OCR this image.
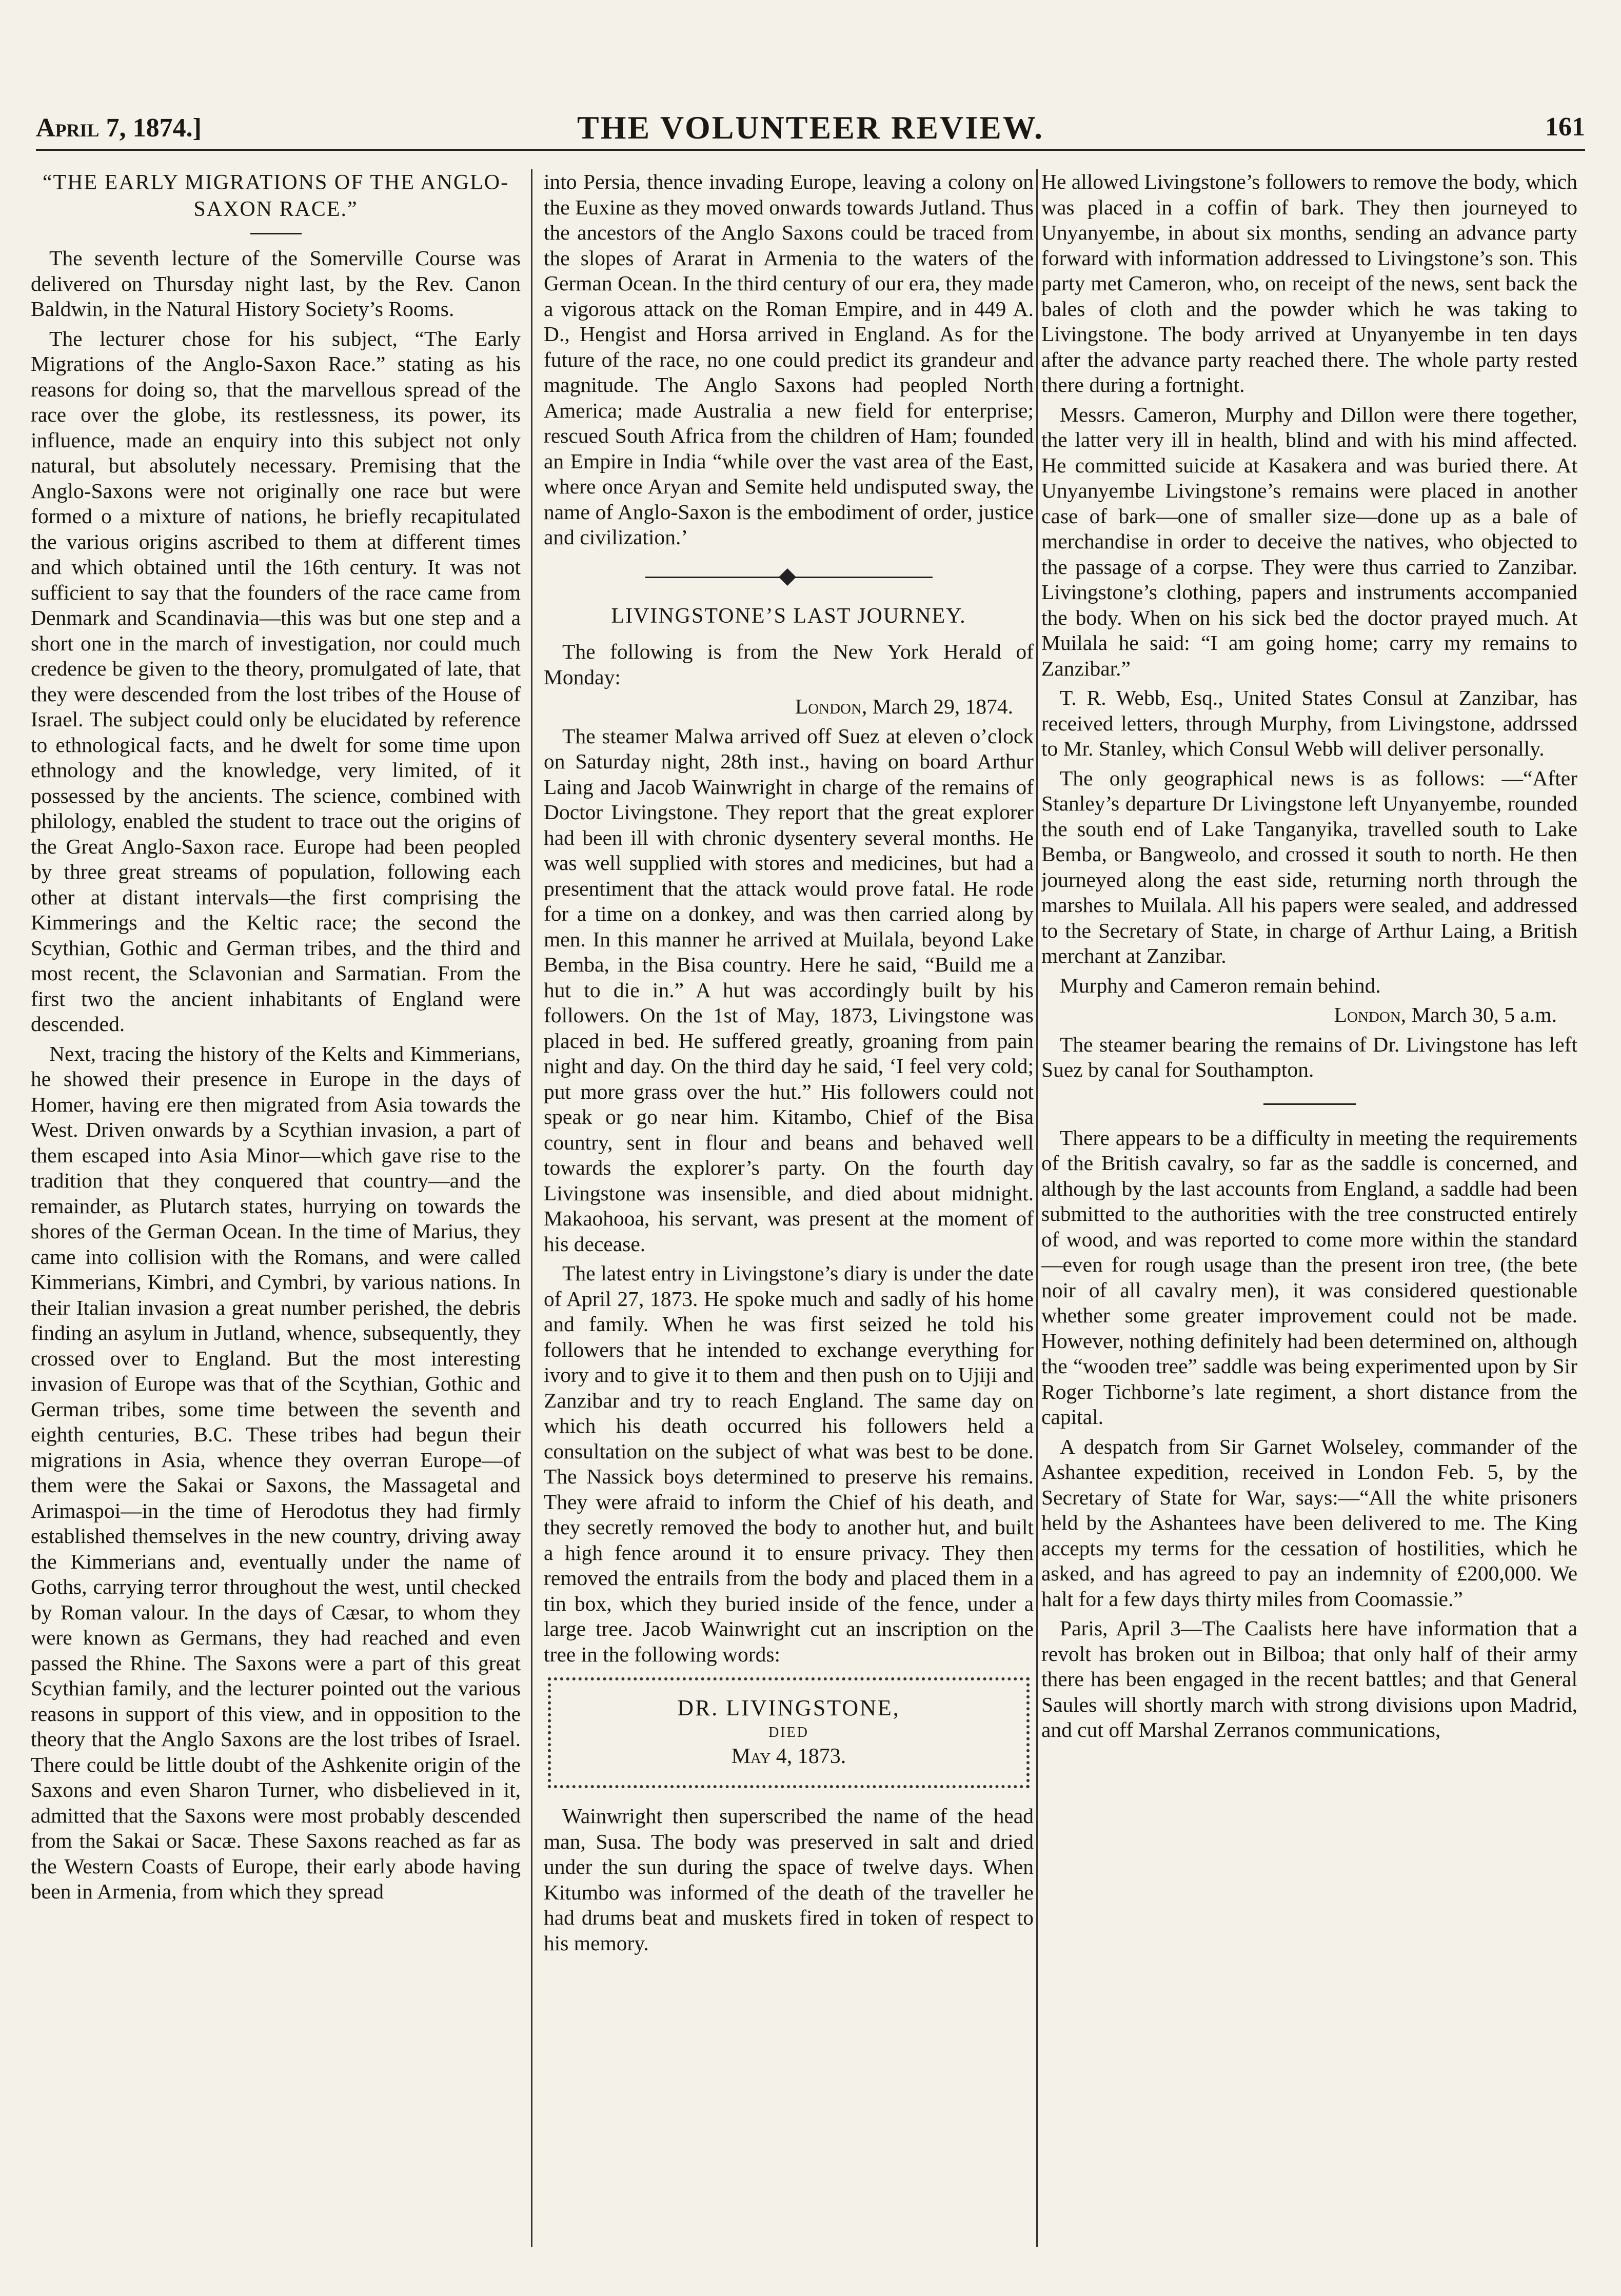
April 7, 1874.]	THE VOLUNTEER REVIEW.	161
“THE EARLY MIGRATIONS OF THE ANGLO-SAXON RACE.”

The seventh lecture of the Somerville Course was delivered on Thursday night last, by the Rev. Canon Baldwin, in the Natural History Society’s Rooms.

The lecturer chose for his subject, “The Early Migrations of the Anglo-Saxon Race.” stating as his reasons for doing so, that the marvellous spread of the race over the globe, its restlessness, its power, its influence, made an enquiry into this subject not only natural, but absolutely necessary. Premising that the Anglo-Saxons were not originally one race but were formed o a mixture of nations, he briefly recapitulated the various origins ascribed to them at different times and which obtained until the 16th century. It was not sufficient to say that the founders of the race came from Denmark and Scandinavia—this was but one step and a short one in the march of investigation, nor could much credence be given to the theory, promulgated of late, that they were descended from the lost tribes of the House of Israel. The subject could only be elucidated by reference to ethnological facts, and he dwelt for some time upon ethnology and the knowledge, very limited, of it possessed by the ancients. The science, combined with philology, enabled the student to trace out the origins of the Great Anglo-Saxon race. Europe had been peopled by three great streams of population, following each other at distant intervals—the first comprising the Kimmerings and the Keltic race; the second the Scythian, Gothic and German tribes, and the third and most recent, the Sclavonian and Sarmatian. From the first two the ancient inhabitants of England were descended.

Next, tracing the history of the Kelts and Kimmerians, he showed their presence in Europe in the days of Homer, having ere then migrated from Asia towards the West. Driven onwards by a Scythian invasion, a part of them escaped into Asia Minor—which gave rise to the tradition that they conquered that country—and the remainder, as Plutarch states, hurrying on towards the shores of the German Ocean. In the time of Marius, they came into collision with the Romans, and were called Kimmerians, Kimbri, and Cymbri, by various nations. In their Italian invasion a great number perished, the debris finding an asylum in Jutland, whence, subsequently, they crossed over to England. But the most interesting invasion of Europe was that of the Scythian, Gothic and German tribes, some time between the seventh and eighth centuries, B.C. These tribes had begun their migrations in Asia, whence they overran Europe—of them were the Sakai or Saxons, the Massagetal and Arimaspoi—in the time of Herodotus they had firmly established themselves in the new country, driving away the Kimmerians and, eventually under the name of Goths, carrying terror throughout the west, until checked by Roman valour. In the days of Cæsar, to whom they were known as Germans, they had reached and even passed the Rhine. The Saxons were a part of this great Scythian family, and the lecturer pointed out the various reasons in support of this view, and in opposition to the theory that the Anglo Saxons are the lost tribes of Israel. There could be little doubt of the Ashkenite origin of the Saxons and even Sharon Turner, who disbelieved in it, admitted that the Saxons were most probably descended from the Sakai or Sacæ. These Saxons reached as far as the Western Coasts of Europe, their early abode having been in Armenia, from which they spread

into Persia, thence invading Europe, leaving a colony on the Euxine as they moved onwards towards Jutland. Thus the ancestors of the Anglo Saxons could be traced from the slopes of Ararat in Armenia to the waters of the German Ocean. In the third century of our era, they made a vigorous attack on the Roman Empire, and in 449 A. D., Hengist and Horsa arrived in England. As for the future of the race, no one could predict its grandeur and magnitude. The Anglo Saxons had peopled North America; made Australia a new field for enterprise; rescued South Africa from the children of Ham; founded an Empire in India “while over the vast area of the East, where once Aryan and Semite held undisputed sway, the name of Anglo-Saxon is the embodiment of order, justice and civilization.’

LIVINGSTONE’S LAST JOURNEY.

The following is from the New York Herald of Monday:

London, March 29, 1874.

The steamer Malwa arrived off Suez at eleven o’clock on Saturday night, 28th inst., having on board Arthur Laing and Jacob Wainwright in charge of the remains of Doctor Livingstone. They report that the great explorer had been ill with chronic dysentery several months. He was well supplied with stores and medicines, but had a presentiment that the attack would prove fatal. He rode for a time on a donkey, and was then carried along by men. In this manner he arrived at Muilala, beyond Lake Bemba, in the Bisa country. Here he said, “Build me a hut to die in.” A hut was accordingly built by his followers. On the 1st of May, 1873, Livingstone was placed in bed. He suffered greatly, groaning from pain night and day. On the third day he said, ‘I feel very cold; put more grass over the hut.” His followers could not speak or go near him. Kitambo, Chief of the Bisa country, sent in flour and beans and behaved well towards the explorer’s party. On the fourth day Livingstone was insensible, and died about midnight. Makaohooa, his servant, was present at the moment of his decease.

The latest entry in Livingstone’s diary is under the date of April 27, 1873. He spoke much and sadly of his home and family. When he was first seized he told his followers that he intended to exchange everything for ivory and to give it to them and then push on to Ujiji and Zanzibar and try to reach England. The same day on which his death occurred his followers held a consultation on the subject of what was best to be done. The Nassick boys determined to preserve his remains. They were afraid to inform the Chief of his death, and they secretly removed the body to another hut, and built a high fence around it to ensure privacy. They then removed the entrails from the body and placed them in a tin box, which they buried inside of the fence, under a large tree. Jacob Wainwright cut an inscription on the tree in the following words:

DR. LIVINGSTONE,
DIED
May 4, 1873.

Wainwright then superscribed the name of the head man, Susa. The body was preserved in salt and dried under the sun during the space of twelve days. When Kitumbo was informed of the death of the traveller he had drums beat and muskets fired in token of respect to his memory.

He allowed Livingstone’s followers to remove the body, which was placed in a coffin of bark. They then journeyed to Unyanyembe, in about six months, sending an advance party forward with information addressed to Livingstone’s son. This party met Cameron, who, on receipt of the news, sent back the bales of cloth and the powder which he was taking to Livingstone. The body arrived at Unyanyembe in ten days after the advance party reached there. The whole party rested there during a fortnight.

Messrs. Cameron, Murphy and Dillon were there together, the latter very ill in health, blind and with his mind affected. He committed suicide at Kasakera and was buried there. At Unyanyembe Livingstone’s remains were placed in another case of bark—one of smaller size—done up as a bale of merchandise in order to deceive the natives, who objected to the passage of a corpse. They were thus carried to Zanzibar. Livingstone’s clothing, papers and instruments accompanied the body. When on his sick bed the doctor prayed much. At Muilala he said: “I am going home; carry my remains to Zanzibar.”

T. R. Webb, Esq., United States Consul at Zanzibar, has received letters, through Murphy, from Livingstone, addrssed to Mr. Stanley, which Consul Webb will deliver personally.

The only geographical news is as follows: —“After Stanley’s departure Dr Livingstone left Unyanyembe, rounded the south end of Lake Tanganyika, travelled south to Lake Bemba, or Bangweolo, and crossed it south to north. He then journeyed along the east side, returning north through the marshes to Muilala. All his papers were sealed, and addressed to the Secretary of State, in charge of Arthur Laing, a British merchant at Zanzibar.

Murphy and Cameron remain behind.

London, March 30, 5 a.m.

The steamer bearing the remains of Dr. Livingstone has left Suez by canal for Southampton.

There appears to be a difficulty in meeting the requirements of the British cavalry, so far as the saddle is concerned, and although by the last accounts from England, a saddle had been submitted to the authorities with the tree constructed entirely of wood, and was reported to come more within the standard—even for rough usage than the present iron tree, (the bete noir of all cavalry men), it was considered questionable whether some greater improvement could not be made. However, nothing definitely had been determined on, although the “wooden tree” saddle was being experimented upon by Sir Roger Tichborne’s late regiment, a short distance from the capital.

A despatch from Sir Garnet Wolseley, commander of the Ashantee expedition, received in London Feb. 5, by the Secretary of State for War, says:—“All the white prisoners held by the Ashantees have been delivered to me. The King accepts my terms for the cessation of hostilities, which he asked, and has agreed to pay an indemnity of £200,000. We halt for a few days thirty miles from Coomassie.”

Paris, April 3—The Caalists here have information that a revolt has broken out in Bilboa; that only half of their army there has been engaged in the recent battles; and that General Saules will shortly march with strong divisions upon Madrid, and cut off Marshal Zerranos communications,
